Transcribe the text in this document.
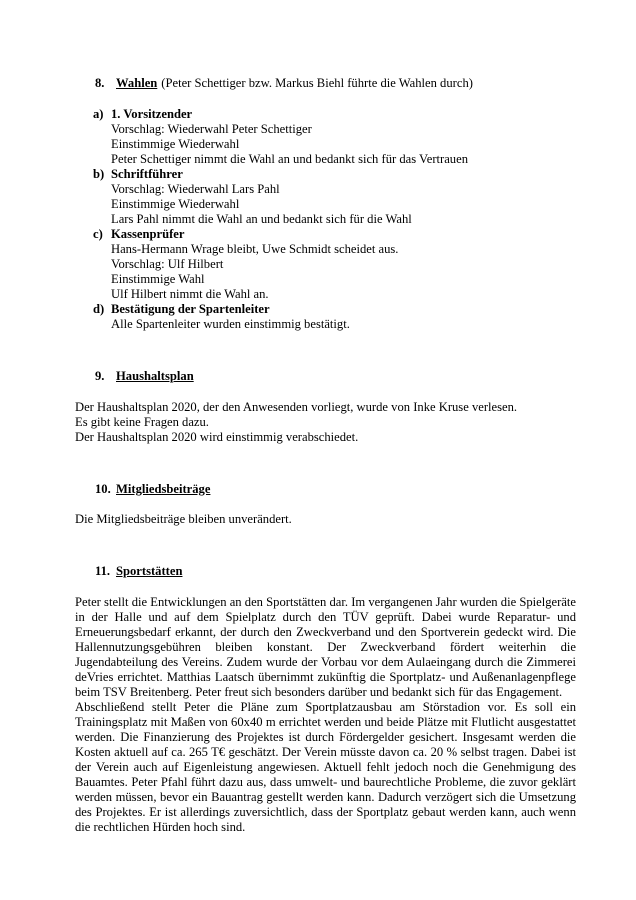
8. Wahlen (Peter Schettiger bzw. Markus Biehl führte die Wahlen durch)
a) 1. Vorsitzender
Vorschlag: Wiederwahl Peter Schettiger
Einstimmige Wiederwahl
Peter Schettiger nimmt die Wahl an und bedankt sich für das Vertrauen
b) Schriftführer
Vorschlag: Wiederwahl Lars Pahl
Einstimmige Wiederwahl
Lars Pahl nimmt die Wahl an und bedankt sich für die Wahl
c) Kassenprüfer
Hans-Hermann Wrage bleibt, Uwe Schmidt scheidet aus.
Vorschlag: Ulf Hilbert
Einstimmige Wahl
Ulf Hilbert nimmt die Wahl an.
d) Bestätigung der Spartenleiter
Alle Spartenleiter wurden einstimmig bestätigt.
9. Haushaltsplan
Der Haushaltsplan 2020, der den Anwesenden vorliegt, wurde von Inke Kruse verlesen.
Es gibt keine Fragen dazu.
Der Haushaltsplan 2020 wird einstimmig verabschiedet.
10. Mitgliedsbeiträge
Die Mitgliedsbeiträge bleiben unverändert.
11. Sportstätten
Peter stellt die Entwicklungen an den Sportstätten dar. Im vergangenen Jahr wurden die Spielgeräte in der Halle und auf dem Spielplatz durch den TÜV geprüft. Dabei wurde Reparatur- und Erneuerungsbedarf erkannt, der durch den Zweckverband und den Sportverein gedeckt wird. Die Hallennutzungsgebühren bleiben konstant. Der Zweckverband fördert weiterhin die Jugendabteilung des Vereins. Zudem wurde der Vorbau vor dem Aulaeingang durch die Zimmerei deVries errichtet. Matthias Laatsch übernimmt zukünftig die Sportplatz- und Außenanlagenpflege beim TSV Breitenberg. Peter freut sich besonders darüber und bedankt sich für das Engagement.
Abschließend stellt Peter die Pläne zum Sportplatzausbau am Störstadion vor. Es soll ein Trainingsplatz mit Maßen von 60x40 m errichtet werden und beide Plätze mit Flutlicht ausgestattet werden. Die Finanzierung des Projektes ist durch Fördergelder gesichert. Insgesamt werden die Kosten aktuell auf ca. 265 T€ geschätzt. Der Verein müsste davon ca. 20 % selbst tragen. Dabei ist der Verein auch auf Eigenleistung angewiesen. Aktuell fehlt jedoch noch die Genehmigung des Bauamtes. Peter Pfahl führt dazu aus, dass umwelt- und baurechtliche Probleme, die zuvor geklärt werden müssen, bevor ein Bauantrag gestellt werden kann. Dadurch verzögert sich die Umsetzung des Projektes. Er ist allerdings zuversichtlich, dass der Sportplatz gebaut werden kann, auch wenn die rechtlichen Hürden hoch sind.
